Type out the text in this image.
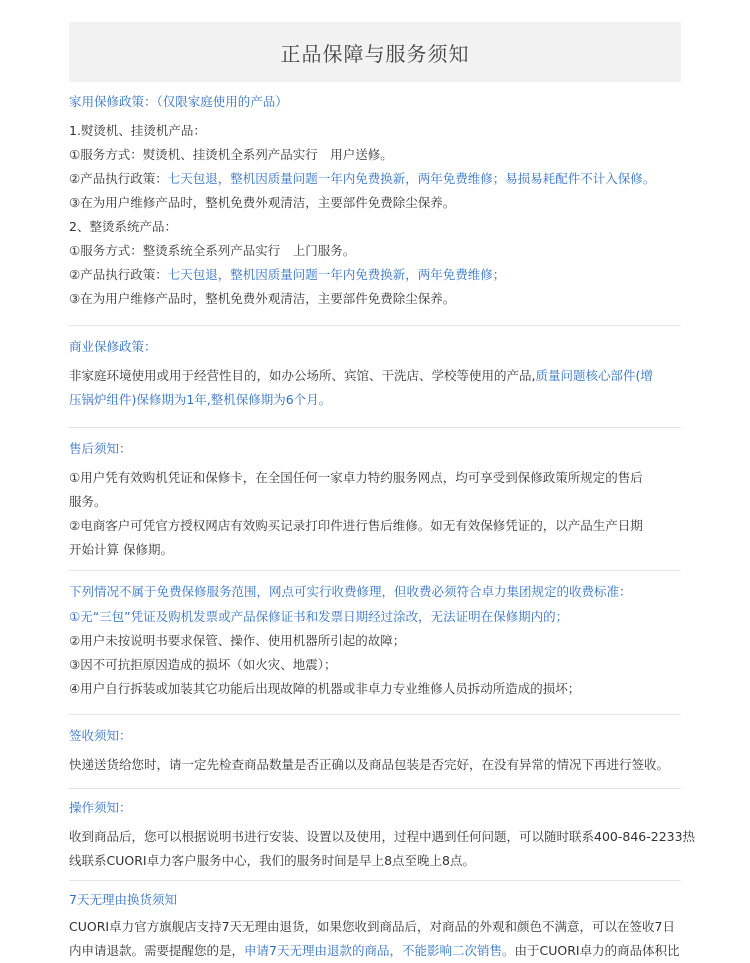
正品保障与服务须知
家用保修政策：（仅限家庭使用的产品）
1.熨烫机、挂烫机产品：
①服务方式：熨烫机、挂烫机全系列产品实行　用户送修。
②产品执行政策：七天包退，整机因质量问题一年内免费换新，两年免费维修；易损易耗配件不计入保修。
③在为用户维修产品时，整机免费外观清洁，主要部件免费除尘保养。
2、整烫系统产品：
①服务方式：整烫系统全系列产品实行　上门服务。
②产品执行政策：七天包退，整机因质量问题一年内免费换新，两年免费维修；
③在为用户维修产品时，整机免费外观清洁，主要部件免费除尘保养。
商业保修政策：
非家庭环境使用或用于经营性目的，如办公场所、宾馆、干洗店、学校等使用的产品,质量问题核心部件(增
压锅炉组件)保修期为1年,整机保修期为6个月。
售后须知：
①用户凭有效购机凭证和保修卡，在全国任何一家卓力特约服务网点，均可享受到保修政策所规定的售后
服务。
②电商客户可凭官方授权网店有效购买记录打印件进行售后维修。如无有效保修凭证的，以产品生产日期
开始计算 保修期。
下列情况不属于免费保修服务范围，网点可实行收费修理，但收费必须符合卓力集团规定的收费标准：
①无“三包”凭证及购机发票或产品保修证书和发票日期经过涂改，无法证明在保修期内的；
②用户未按说明书要求保管、操作、使用机器所引起的故障；
③因不可抗拒原因造成的损坏（如火灾、地震）；
④用户自行拆装或加装其它功能后出现故障的机器或非卓力专业维修人员拆动所造成的损坏；
签收须知：
快递送货给您时，请一定先检查商品数量是否正确以及商品包装是否完好，在没有异常的情况下再进行签收。
操作须知：
收到商品后，您可以根据说明书进行安装、设置以及使用，过程中遇到任何问题，可以随时联系400-846-2233热
线联系CUORI卓力客户服务中心，我们的服务时间是早上8点至晚上8点。
7天无理由换货须知
CUORI卓力官方旗舰店支持7天无理由退货，如果您收到商品后，对商品的外观和颜色不满意，可以在签收7日
内申请退款。需要提醒您的是，申请7天无理由退款的商品，不能影响二次销售。由于CUORI卓力的商品体积比
